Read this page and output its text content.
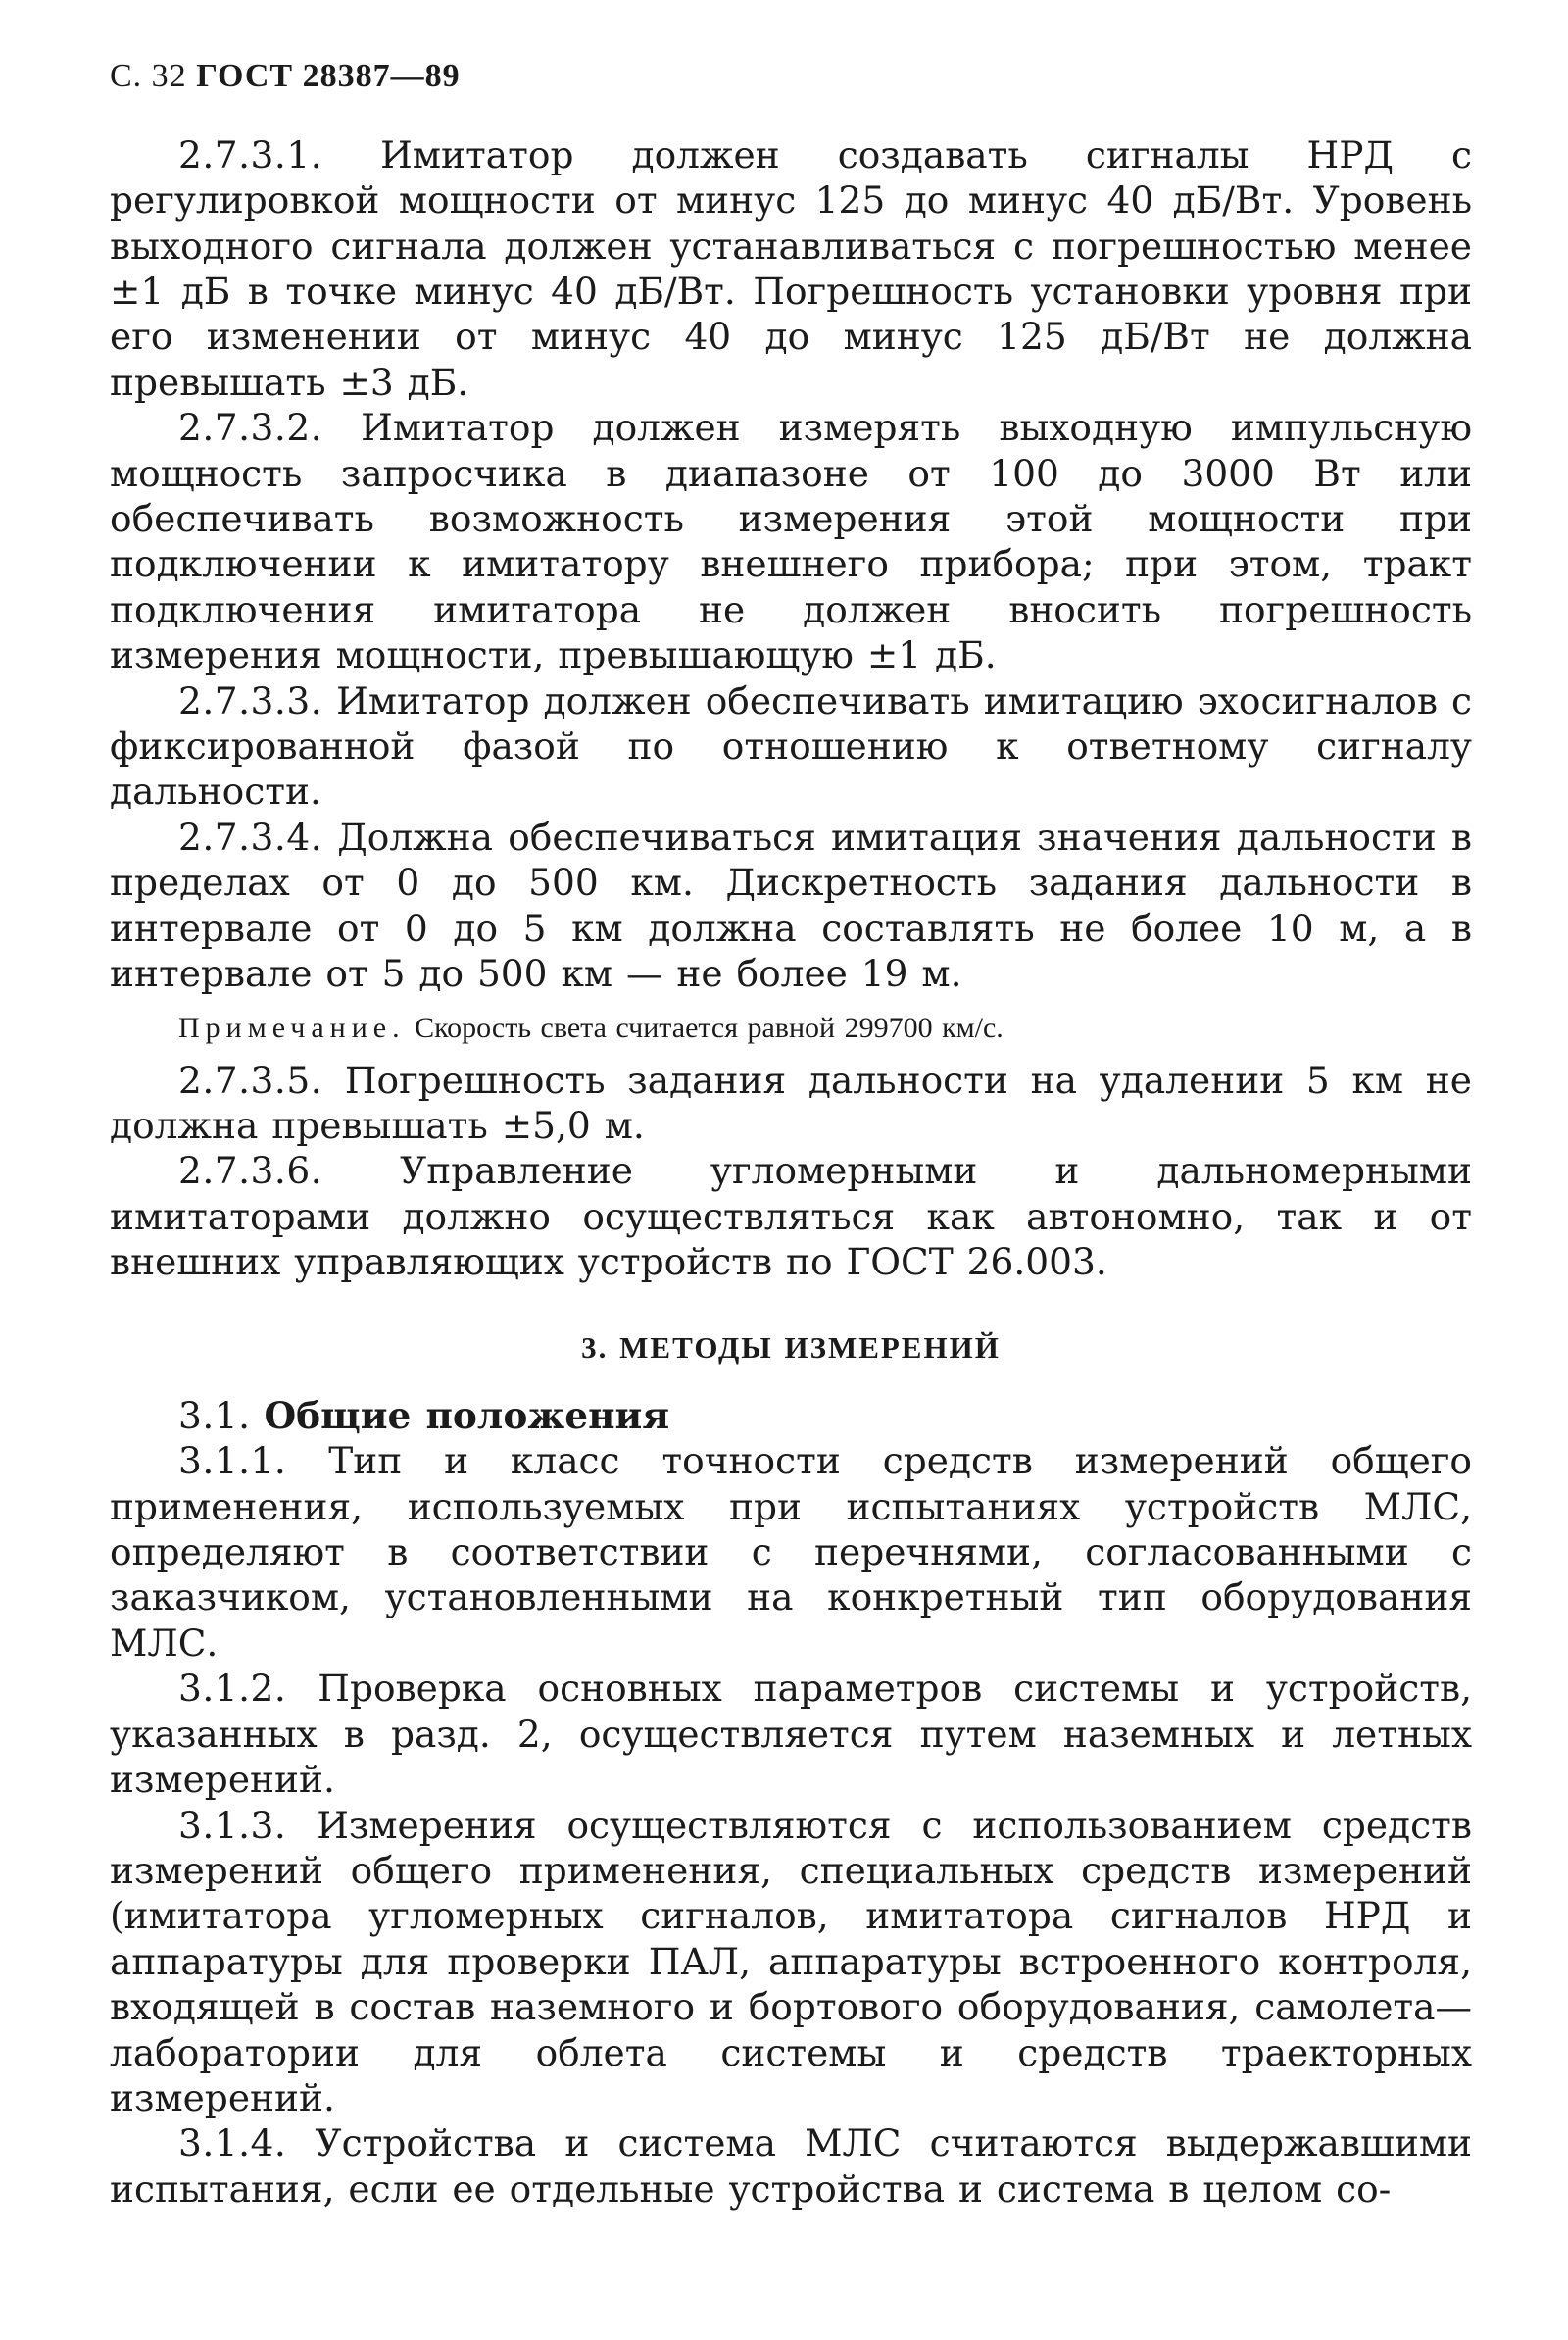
С. 32 ГОСТ 28387—89

2.7.3.1. Имитатор должен создавать сигналы НРД с регулировкой мощности от минус 125 до минус 40 дБ/Вт. Уровень выходного сигнала должен устанавливаться с погрешностью менее ±1 дБ в точке минус 40 дБ/Вт. Погрешность установки уровня при его изменении от минус 40 до минус 125 дБ/Вт не должна превышать ±3 дБ.

2.7.3.2. Имитатор должен измерять выходную импульсную мощность запросчика в диапазоне от 100 до 3000 Вт или обеспечивать возможность измерения этой мощности при подключении к имитатору внешнего прибора; при этом, тракт подключения имитатора не должен вносить погрешность измерения мощности, превышающую ±1 дБ.

2.7.3.3. Имитатор должен обеспечивать имитацию эхосигналов с фиксированной фазой по отношению к ответному сигналу дальности.

2.7.3.4. Должна обеспечиваться имитация значения дальности в пределах от 0 до 500 км. Дискретность задания дальности в интервале от 0 до 5 км должна составлять не более 10 м, а в интервале от 5 до 500 км — не более 19 м.

Примечание. Скорость света считается равной 299700 км/с.

2.7.3.5. Погрешность задания дальности на удалении 5 км не должна превышать ±5,0 м.

2.7.3.6. Управление угломерными и дальномерными имитаторами должно осуществляться как автономно, так и от внешних управляющих устройств по ГОСТ 26.003.

3. МЕТОДЫ ИЗМЕРЕНИЙ

3.1. Общие положения

3.1.1. Тип и класс точности средств измерений общего применения, используемых при испытаниях устройств МЛС, определяют в соответствии с перечнями, согласованными с заказчиком, установленными на конкретный тип оборудования МЛС.

3.1.2. Проверка основных параметров системы и устройств, указанных в разд. 2, осуществляется путем наземных и летных измерений.

3.1.3. Измерения осуществляются с использованием средств измерений общего применения, специальных средств измерений (имитатора угломерных сигналов, имитатора сигналов НРД и аппаратуры для проверки ПАЛ, аппаратуры встроенного контроля, входящей в состав наземного и бортового оборудования, самолета—лаборатории для облета системы и средств траекторных измерений.

3.1.4. Устройства и система МЛС считаются выдержавшими испытания, если ее отдельные устройства и система в целом со-
